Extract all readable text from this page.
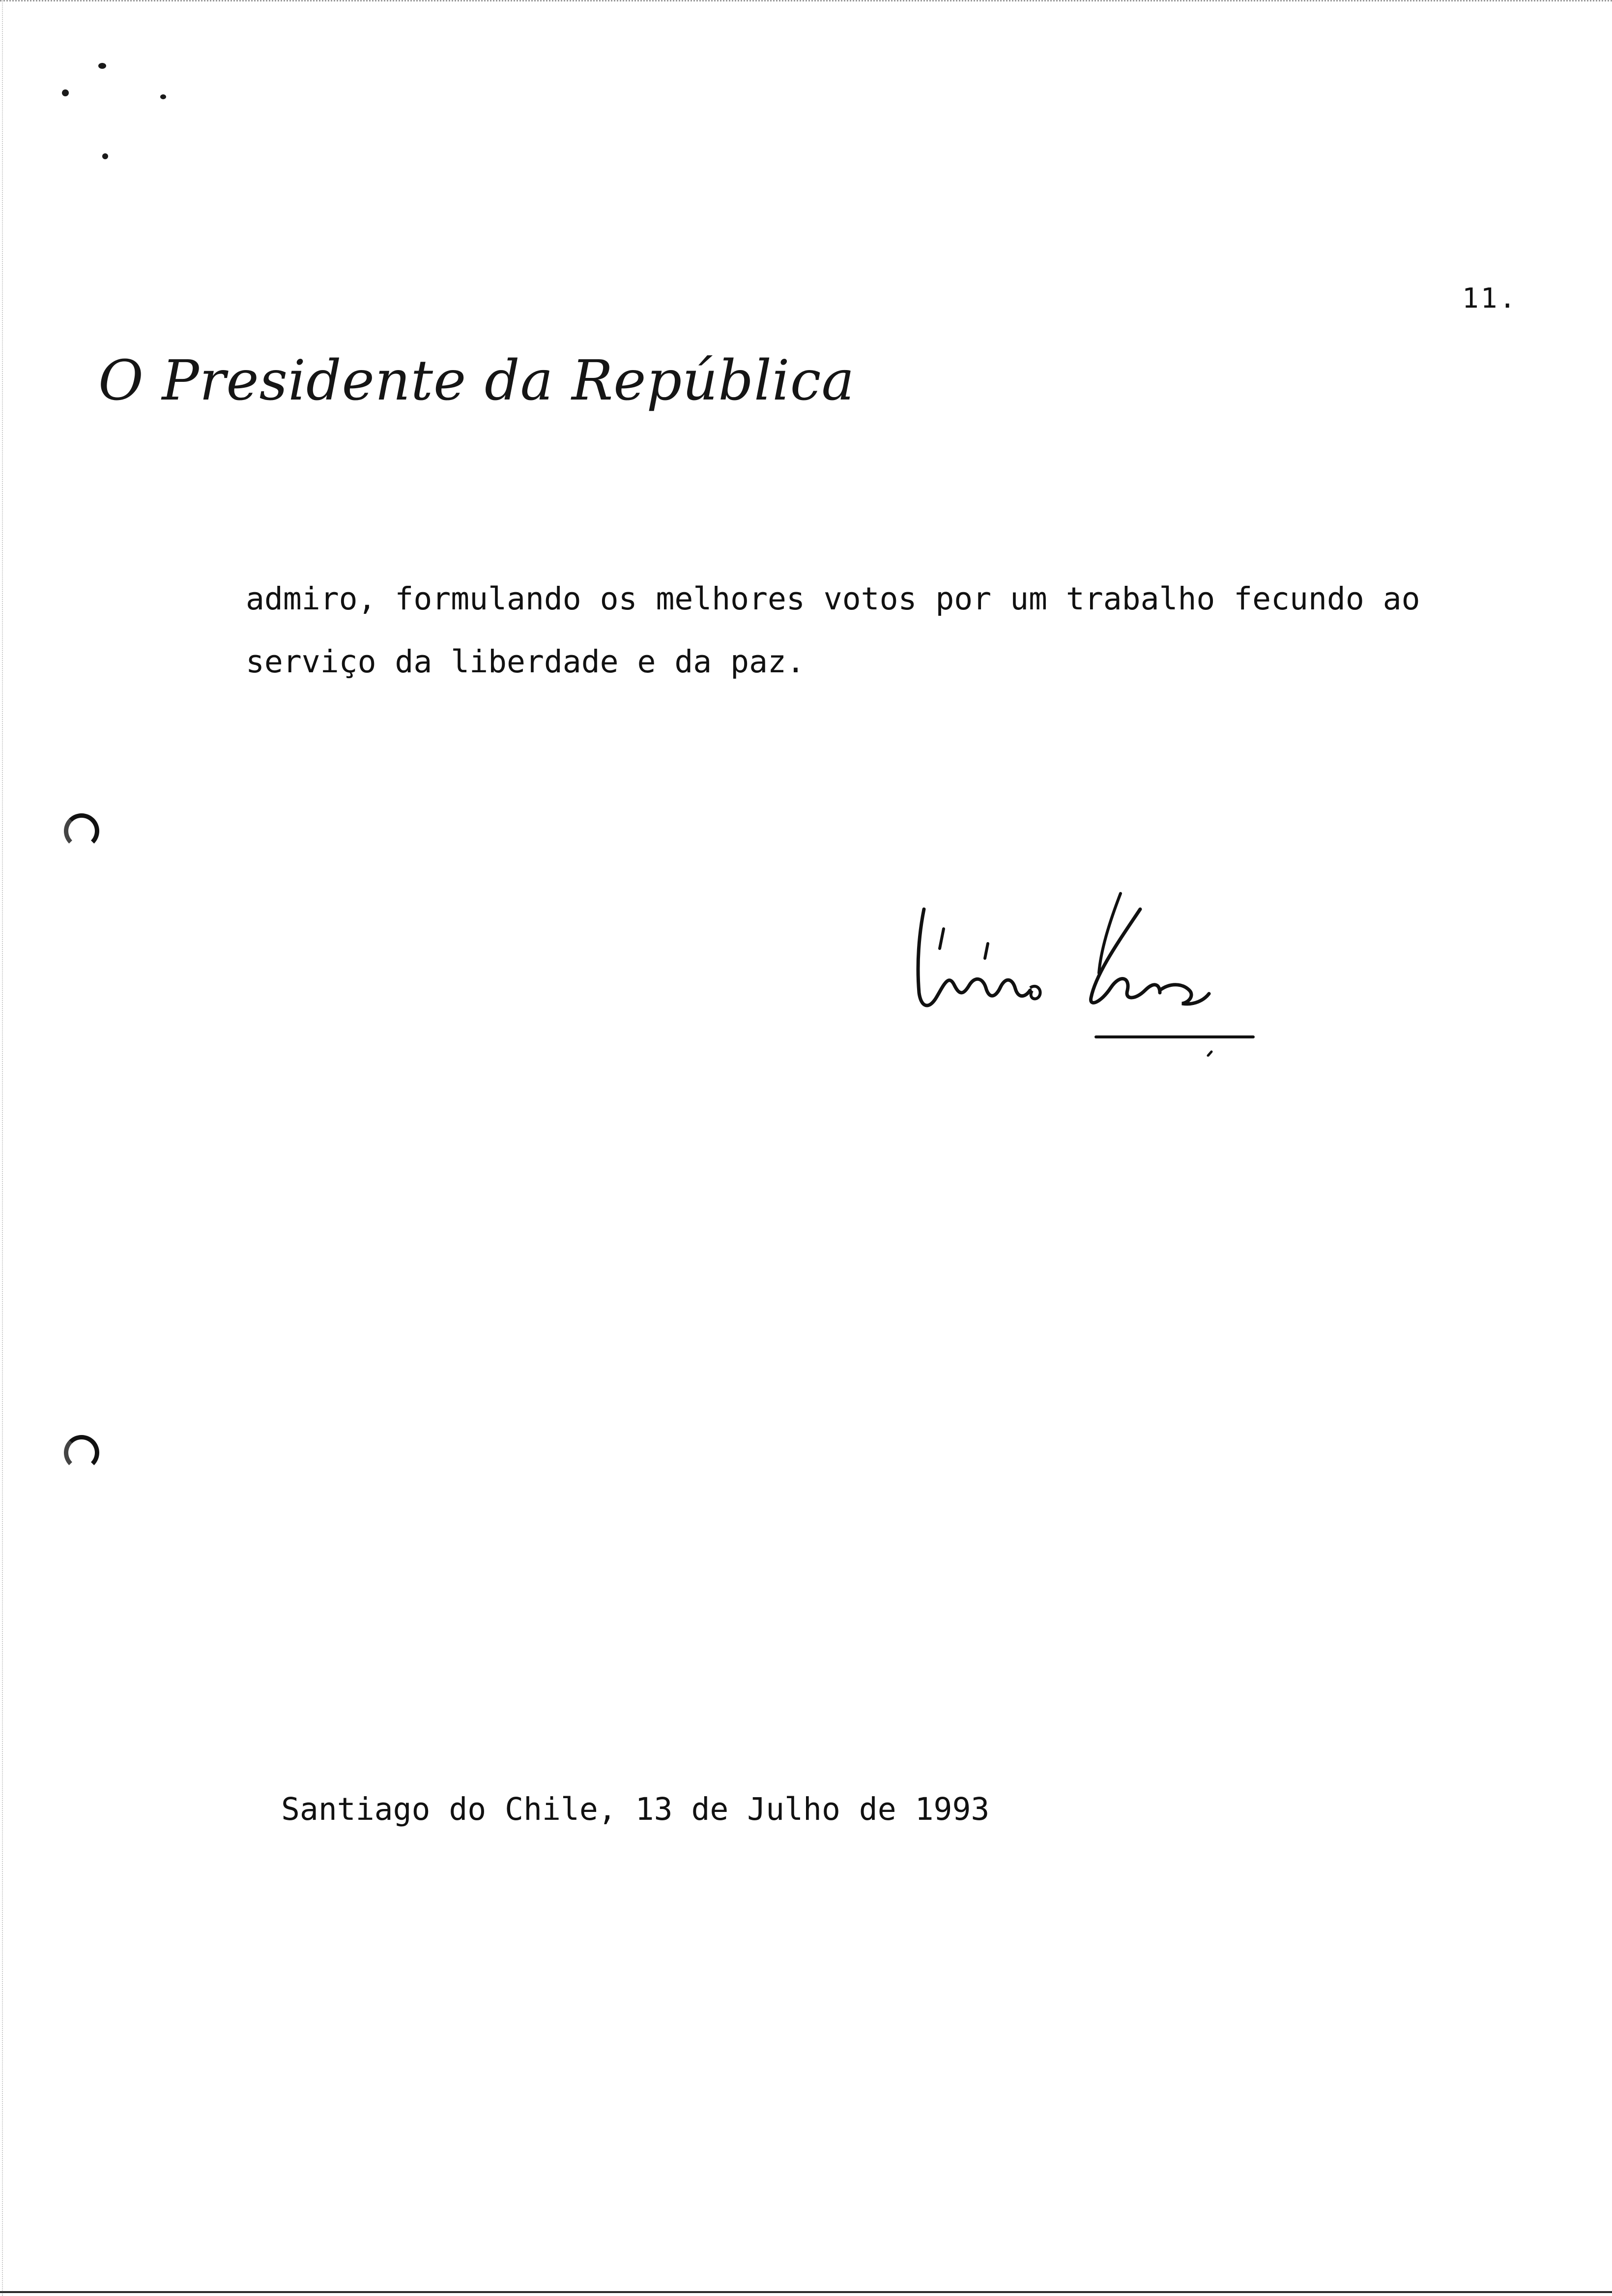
11.
O Presidente da República

admiro, formulando os melhores votos por um trabalho fecundo ao
serviço da liberdade e da paz.

Santiago do Chile, 13 de Julho de 1993
